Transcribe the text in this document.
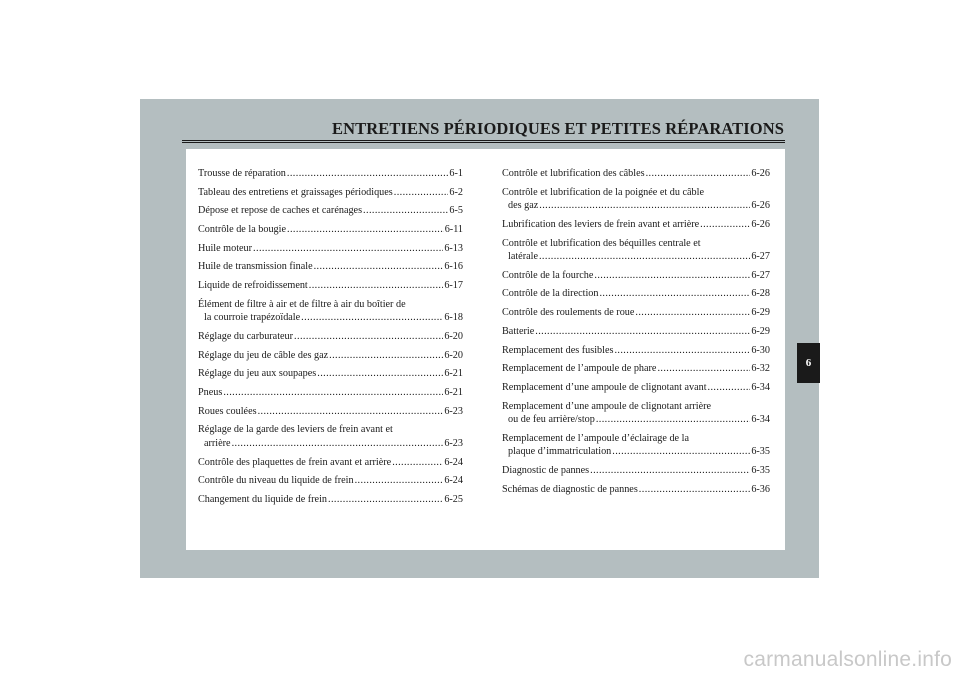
ENTRETIENS PÉRIODIQUES ET PETITES RÉPARATIONS
6
Trousse de réparation .....	6-1
Tableau des entretiens et graissages périodiques .....	6-2
Dépose et repose de caches et carénages .....	6-5
Contrôle de la bougie .....	6-11
Huile moteur .....	6-13
Huile de transmission finale .....	6-16
Liquide de refroidissement .....	6-17
Élément de filtre à air et de filtre à air du boîtier de
la courroie trapézoïdale .....	6-18
Réglage du carburateur .....	6-20
Réglage du jeu de câble des gaz .....	6-20
Réglage du jeu aux soupapes .....	6-21
Pneus .....	6-21
Roues coulées .....	6-23
Réglage de la garde des leviers de frein avant et
arrière .....	6-23
Contrôle des plaquettes de frein avant et arrière .....	6-24
Contrôle du niveau du liquide de frein .....	6-24
Changement du liquide de frein .....	6-25
Contrôle et lubrification des câbles .....	6-26
Contrôle et lubrification de la poignée et du câble
des gaz .....	6-26
Lubrification des leviers de frein avant et arrière .....	6-26
Contrôle et lubrification des béquilles centrale et
latérale .....	6-27
Contrôle de la fourche .....	6-27
Contrôle de la direction .....	6-28
Contrôle des roulements de roue .....	6-29
Batterie .....	6-29
Remplacement des fusibles .....	6-30
Remplacement de l’ampoule de phare .....	6-32
Remplacement d’une ampoule de clignotant avant .....	6-34
Remplacement d’une ampoule de clignotant arrière
ou de feu arrière/stop .....	6-34
Remplacement de l’ampoule d’éclairage de la
plaque d’immatriculation .....	6-35
Diagnostic de pannes .....	6-35
Schémas de diagnostic de pannes .....	6-36
carmanualsonline.info
